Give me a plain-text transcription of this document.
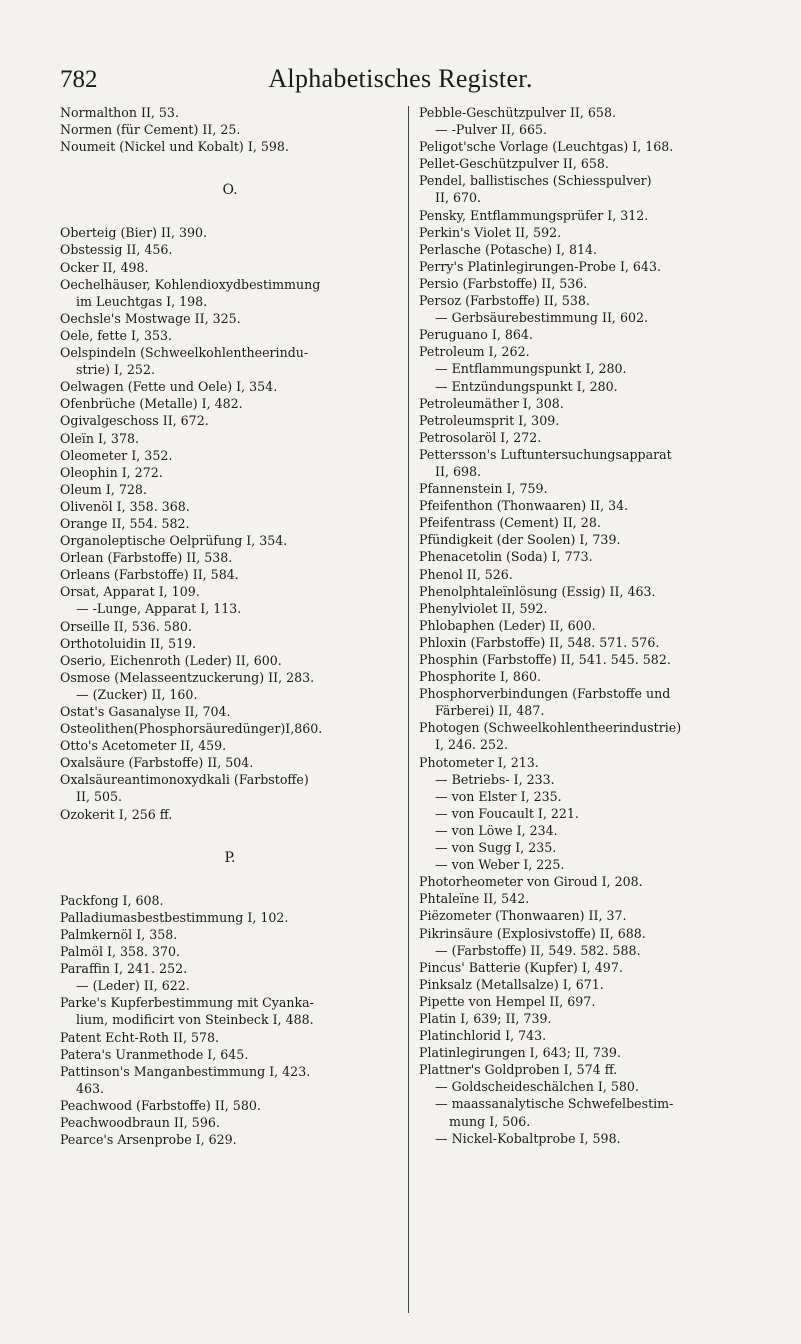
782	Alphabetisches Register.
Normalthon II, 53.
Normen (für Cement) II, 25.
Noumeit (Nickel und Kobalt) I, 598.
O.
Oberteig (Bier) II, 390.
Obstessig II, 456.
Ocker II, 498.
Oechelhäuser, Kohlendioxydbestimmung
im Leuchtgas I, 198.
Oechsle's Mostwage II, 325.
Oele, fette I, 353.
Oelspindeln (Schweelkohlentheerindu-
strie) I, 252.
Oelwagen (Fette und Oele) I, 354.
Ofenbrüche (Metalle) I, 482.
Ogivalgeschoss II, 672.
Oleïn I, 378.
Oleometer I, 352.
Oleophin I, 272.
Oleum I, 728.
Olivenöl I, 358. 368.
Orange II, 554. 582.
Organoleptische Oelprüfung I, 354.
Orlean (Farbstoffe) II, 538.
Orleans (Farbstoffe) II, 584.
Orsat, Apparat I, 109.
— -Lunge, Apparat I, 113.
Orseille II, 536. 580.
Orthotoluidin II, 519.
Oserio, Eichenroth (Leder) II, 600.
Osmose (Melasseentzuckerung) II, 283.
— (Zucker) II, 160.
Ostat's Gasanalyse II, 704.
Osteolithen(Phosphorsäuredünger)I,860.
Otto's Acetometer II, 459.
Oxalsäure (Farbstoffe) II, 504.
Oxalsäureantimonoxydkali (Farbstoffe)
II, 505.
Ozokerit I, 256 ff.
P.
Packfong I, 608.
Palladiumasbestbestimmung I, 102.
Palmkernöl I, 358.
Palmöl I, 358. 370.
Paraffin I, 241. 252.
— (Leder) II, 622.
Parke's Kupferbestimmung mit Cyanka-
lium, modificirt von Steinbeck I, 488.
Patent Echt-Roth II, 578.
Patera's Uranmethode I, 645.
Pattinson's Manganbestimmung I, 423.
463.
Peachwood (Farbstoffe) II, 580.
Peachwoodbraun II, 596.
Pearce's Arsenprobe I, 629.
Pebble-Geschützpulver II, 658.
— -Pulver II, 665.
Peligot'sche Vorlage (Leuchtgas) I, 168.
Pellet-Geschützpulver II, 658.
Pendel, ballistisches (Schiesspulver)
II, 670.
Pensky, Entflammungsprüfer I, 312.
Perkin's Violet II, 592.
Perlasche (Potasche) I, 814.
Perry's Platinlegirungen-Probe I, 643.
Persio (Farbstoffe) II, 536.
Persoz (Farbstoffe) II, 538.
— Gerbsäurebestimmung II, 602.
Peruguano I, 864.
Petroleum I, 262.
— Entflammungspunkt I, 280.
— Entzündungspunkt I, 280.
Petroleumäther I, 308.
Petroleumsprit I, 309.
Petrosolaröl I, 272.
Pettersson's Luftuntersuchungsapparat
II, 698.
Pfannenstein I, 759.
Pfeifenthon (Thonwaaren) II, 34.
Pfeifentrass (Cement) II, 28.
Pfündigkeit (der Soolen) I, 739.
Phenacetolin (Soda) I, 773.
Phenol II, 526.
Phenolphtaleïnlösung (Essig) II, 463.
Phenylviolet II, 592.
Phlobaphen (Leder) II, 600.
Phloxin (Farbstoffe) II, 548. 571. 576.
Phosphin (Farbstoffe) II, 541. 545. 582.
Phosphorite I, 860.
Phosphorverbindungen (Farbstoffe und
Färberei) II, 487.
Photogen (Schweelkohlentheerindustrie)
I, 246. 252.
Photometer I, 213.
— Betriebs- I, 233.
— von Elster I, 235.
— von Foucault I, 221.
— von Löwe I, 234.
— von Sugg I, 235.
— von Weber I, 225.
Photorheometer von Giroud I, 208.
Phtaleïne II, 542.
Piëzometer (Thonwaaren) II, 37.
Pikrinsäure (Explosivstoffe) II, 688.
— (Farbstoffe) II, 549. 582. 588.
Pincus' Batterie (Kupfer) I, 497.
Pinksalz (Metallsalze) I, 671.
Pipette von Hempel II, 697.
Platin I, 639; II, 739.
Platinchlorid I, 743.
Platinlegirungen I, 643; II, 739.
Plattner's Goldproben I, 574 ff.
— Goldscheideschälchen I, 580.
— maassanalytische Schwefelbestim-
mung I, 506.
— Nickel-Kobaltprobe I, 598.
